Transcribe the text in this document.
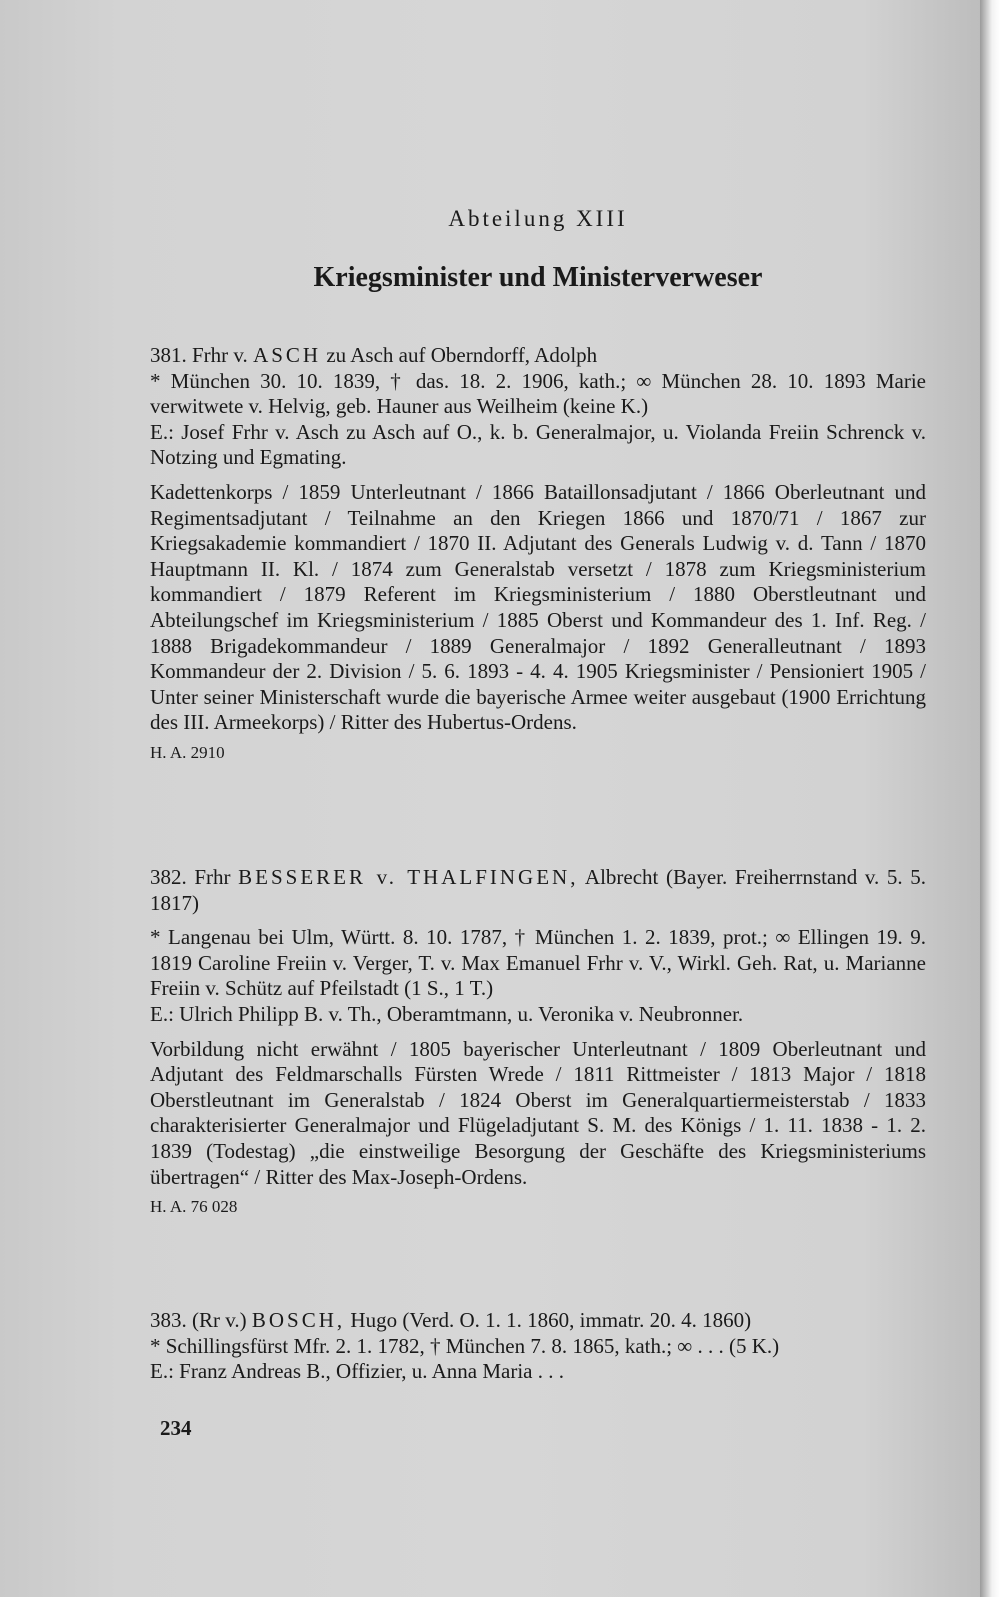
Abteilung XIII
Kriegsminister und Ministerverweser

381. Frhr v. ASCH zu Asch auf Oberndorff, Adolph

* München 30. 10. 1839, † das. 18. 2. 1906, kath.; ∞ München 28. 10. 1893 Marie verwitwete v. Helvig, geb. Hauner aus Weilheim (keine K.)

E.: Josef Frhr v. Asch zu Asch auf O., k. b. Generalmajor, u. Violanda Freiin Schrenck v. Notzing und Egmating.

Kadettenkorps / 1859 Unterleutnant / 1866 Bataillonsadjutant / 1866 Oberleutnant und Regimentsadjutant / Teilnahme an den Kriegen 1866 und 1870/71 / 1867 zur Kriegsakademie kommandiert / 1870 II. Adjutant des Generals Ludwig v. d. Tann / 1870 Hauptmann II. Kl. / 1874 zum Generalstab versetzt / 1878 zum Kriegsministerium kommandiert / 1879 Referent im Kriegsministerium / 1880 Oberstleutnant und Abteilungschef im Kriegsministerium / 1885 Oberst und Kommandeur des 1. Inf. Reg. / 1888 Brigadekommandeur / 1889 Generalmajor / 1892 Generalleutnant / 1893 Kommandeur der 2. Division / 5. 6. 1893 - 4. 4. 1905 Kriegsminister / Pensioniert 1905 / Unter seiner Ministerschaft wurde die bayerische Armee weiter ausgebaut (1900 Errichtung des III. Armeekorps) / Ritter des Hubertus-Ordens.

H. A. 2910

382. Frhr BESSERER v. THALFINGEN, Albrecht (Bayer. Freiherrnstand v. 5. 5. 1817)

* Langenau bei Ulm, Württ. 8. 10. 1787, † München 1. 2. 1839, prot.; ∞ Ellingen 19. 9. 1819 Caroline Freiin v. Verger, T. v. Max Emanuel Frhr v. V., Wirkl. Geh. Rat, u. Marianne Freiin v. Schütz auf Pfeilstadt (1 S., 1 T.)

E.: Ulrich Philipp B. v. Th., Oberamtmann, u. Veronika v. Neubronner.

Vorbildung nicht erwähnt / 1805 bayerischer Unterleutnant / 1809 Oberleutnant und Adjutant des Feldmarschalls Fürsten Wrede / 1811 Rittmeister / 1813 Major / 1818 Oberstleutnant im Generalstab / 1824 Oberst im Generalquartiermeisterstab / 1833 charakterisierter Generalmajor und Flügeladjutant S. M. des Königs / 1. 11. 1838 - 1. 2. 1839 (Todestag) „die einstweilige Besorgung der Geschäfte des Kriegsministeriums übertragen“ / Ritter des Max-Joseph-Ordens.

H. A. 76 028

383. (Rr v.) BOSCH, Hugo (Verd. O. 1. 1. 1860, immatr. 20. 4. 1860)

* Schillingsfürst Mfr. 2. 1. 1782, † München 7. 8. 1865, kath.; ∞ . . . (5 K.)

E.: Franz Andreas B., Offizier, u. Anna Maria . . .

234
